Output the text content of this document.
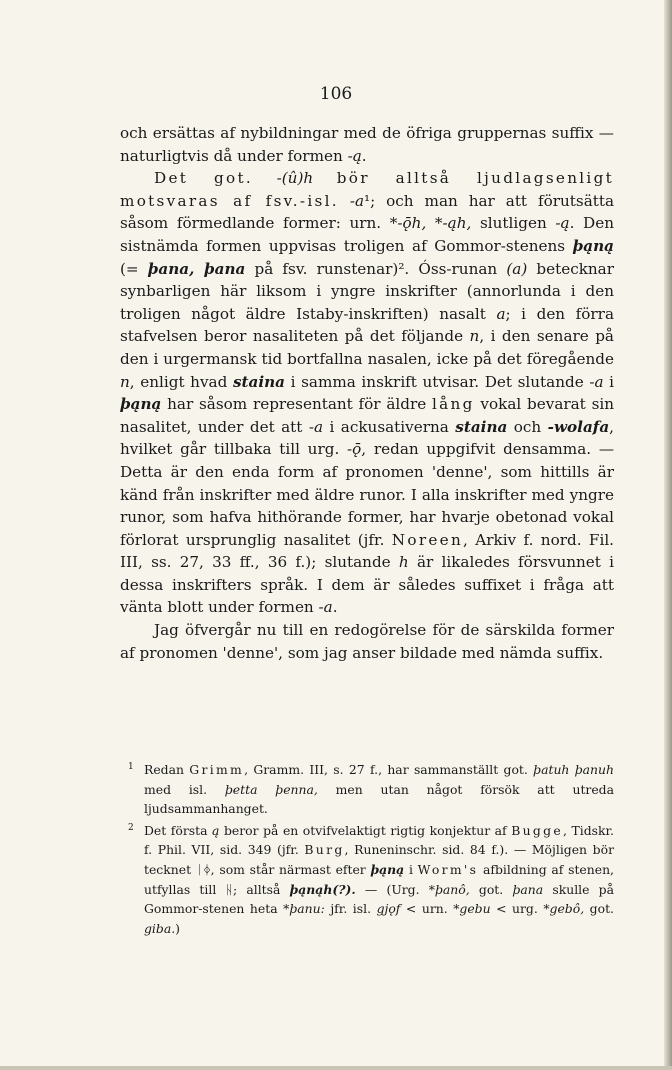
106

och ersättas af nybildningar med de öfriga gruppernas suffix — naturligtvis då under formen -ą.

Det got. -(û)h bör alltså ljudlagsenligt motsvaras af fsv.-isl. -a¹; och man har att förutsätta såsom förmedlande former: urn. *-ǭh, *-ąh, slutligen -ą. Den sistnämda formen uppvisas troligen af Gommor-stenens þąną (= þana, þana på fsv. runstenar)². Óss-runan (a) betecknar synbarligen här liksom i yngre inskrifter (annorlunda i den troligen något äldre Istaby-inskriften) nasalt a; i den förra stafvelsen beror nasaliteten på det följande n, i den senare på den i urgermansk tid bortfallna nasalen, icke på det föregående n, enligt hvad staina i samma inskrift utvisar. Det slutande -a i þąną har såsom representant för äldre lång vokal bevarat sin nasalitet, under det att -a i ackusativerna staina och -wolafa, hvilket går tillbaka till urg. -ǭ, redan uppgifvit densamma. — Detta är den enda form af pronomen 'denne', som hittills är känd från inskrifter med äldre runor. I alla inskrifter med yngre runor, som hafva hithörande former, har hvarje obetonad vokal förlorat ursprunglig nasalitet (jfr. Noreen, Arkiv f. nord. Fil. III, ss. 27, 33 ff., 36 f.); slutande h är likaledes försvunnet i dessa inskrifters språk. I dem är således suffixet i fråga att vänta blott under formen -a.

Jag öfvergår nu till en redogörelse för de särskilda former af pronomen 'denne', som jag anser bildade med nämda suffix.

1 Redan Grimm, Gramm. III, s. 27 f., har sammanställt got. þatuh þanuh med isl. þetta þenna, men utan något försök att utreda ljudsammanhanget.
2 Det första ą beror på en otvifvelaktigt rigtig konjektur af Bugge, Tidskr. f. Phil. VII, sid. 349 (jfr. Burg, Runeninschr. sid. 84 f.). — Möjligen bör tecknet ᛁᛄ, som står närmast efter þąną i Worm's afbildning af stenen, utfyllas till ᚺ; alltså þąnąh(?). — (Urg. *þanô, got. þana skulle på Gommor-stenen heta *þanu: jfr. isl. gjǫf < urn. *gebu < urg. *gebô, got. giba.)
